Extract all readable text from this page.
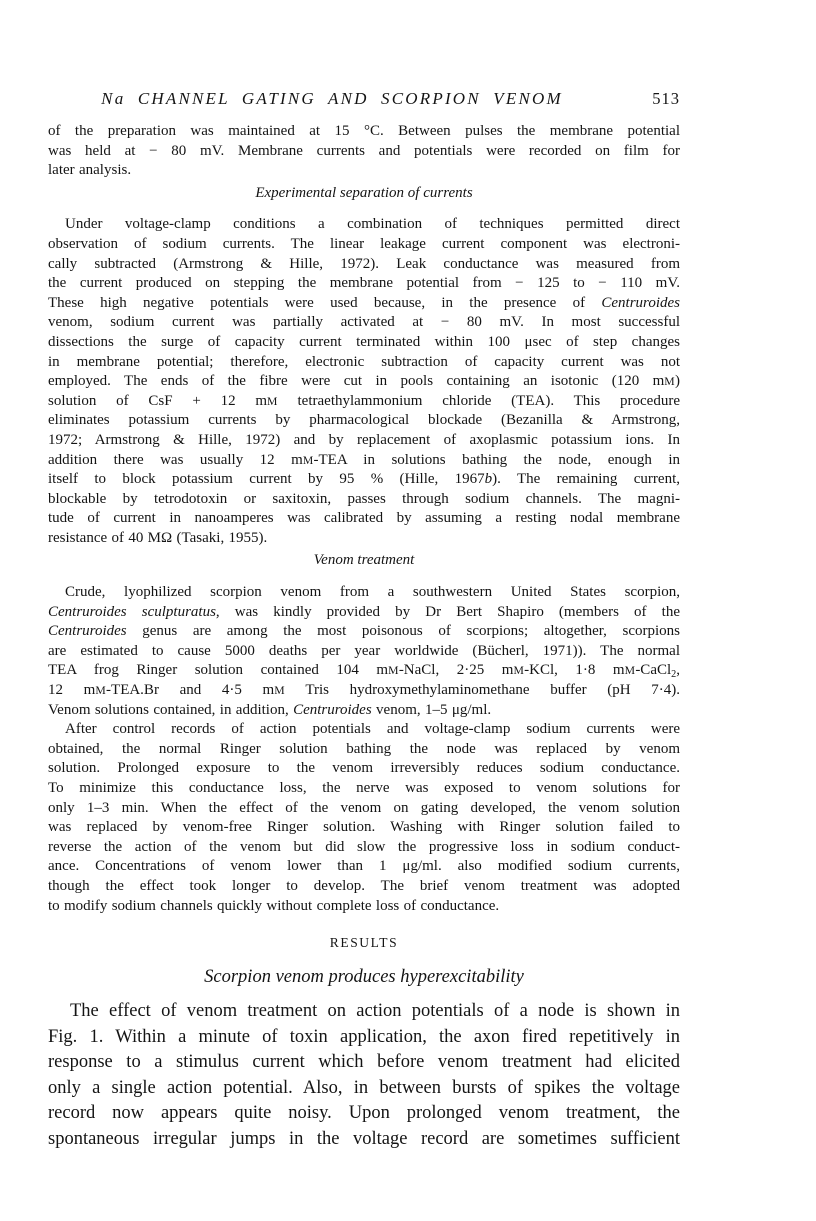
Na CHANNEL GATING AND SCORPION VENOM	513
of the preparation was maintained at 15 °C. Between pulses the membrane potential
was held at − 80 mV. Membrane currents and potentials were recorded on film for
later analysis.
Experimental separation of currents
Under voltage-clamp conditions a combination of techniques permitted direct
observation of sodium currents. The linear leakage current component was electroni-
cally subtracted (Armstrong & Hille, 1972). Leak conductance was measured from
the current produced on stepping the membrane potential from − 125 to − 110 mV.
These high negative potentials were used because, in the presence of Centruroides
venom, sodium current was partially activated at − 80 mV. In most successful
dissections the surge of capacity current terminated within 100 μsec of step changes
in membrane potential; therefore, electronic subtraction of capacity current was not
employed. The ends of the fibre were cut in pools containing an isotonic (120 mM)
solution of CsF + 12 mM tetraethylammonium chloride (TEA). This procedure
eliminates potassium currents by pharmacological blockade (Bezanilla & Armstrong,
1972; Armstrong & Hille, 1972) and by replacement of axoplasmic potassium ions. In
addition there was usually 12 mM-TEA in solutions bathing the node, enough in
itself to block potassium current by 95 % (Hille, 1967b). The remaining current,
blockable by tetrodotoxin or saxitoxin, passes through sodium channels. The magni-
tude of current in nanoamperes was calibrated by assuming a resting nodal membrane
resistance of 40 MΩ (Tasaki, 1955).
Venom treatment
Crude, lyophilized scorpion venom from a southwestern United States scorpion,
Centruroides sculpturatus, was kindly provided by Dr Bert Shapiro (members of the
Centruroides genus are among the most poisonous of scorpions; altogether, scorpions
are estimated to cause 5000 deaths per year worldwide (Bücherl, 1971)). The normal
TEA frog Ringer solution contained 104 mM-NaCl, 2·25 mM-KCl, 1·8 mM-CaCl$_2$,
12 mM-TEA.Br and 4·5 mM Tris hydroxymethylaminomethane buffer (pH 7·4).
Venom solutions contained, in addition, Centruroides venom, 1–5 μg/ml.
After control records of action potentials and voltage-clamp sodium currents were
obtained, the normal Ringer solution bathing the node was replaced by venom
solution. Prolonged exposure to the venom irreversibly reduces sodium conductance.
To minimize this conductance loss, the nerve was exposed to venom solutions for
only 1–3 min. When the effect of the venom on gating developed, the venom solution
was replaced by venom-free Ringer solution. Washing with Ringer solution failed to
reverse the action of the venom but did slow the progressive loss in sodium conduct-
ance. Concentrations of venom lower than 1 μg/ml. also modified sodium currents,
though the effect took longer to develop. The brief venom treatment was adopted
to modify sodium channels quickly without complete loss of conductance.
RESULTS
Scorpion venom produces hyperexcitability
The effect of venom treatment on action potentials of a node is shown in
Fig. 1. Within a minute of toxin application, the axon fired repetitively in
response to a stimulus current which before venom treatment had elicited
only a single action potential. Also, in between bursts of spikes the voltage
record now appears quite noisy. Upon prolonged venom treatment, the
spontaneous irregular jumps in the voltage record are sometimes sufficient
